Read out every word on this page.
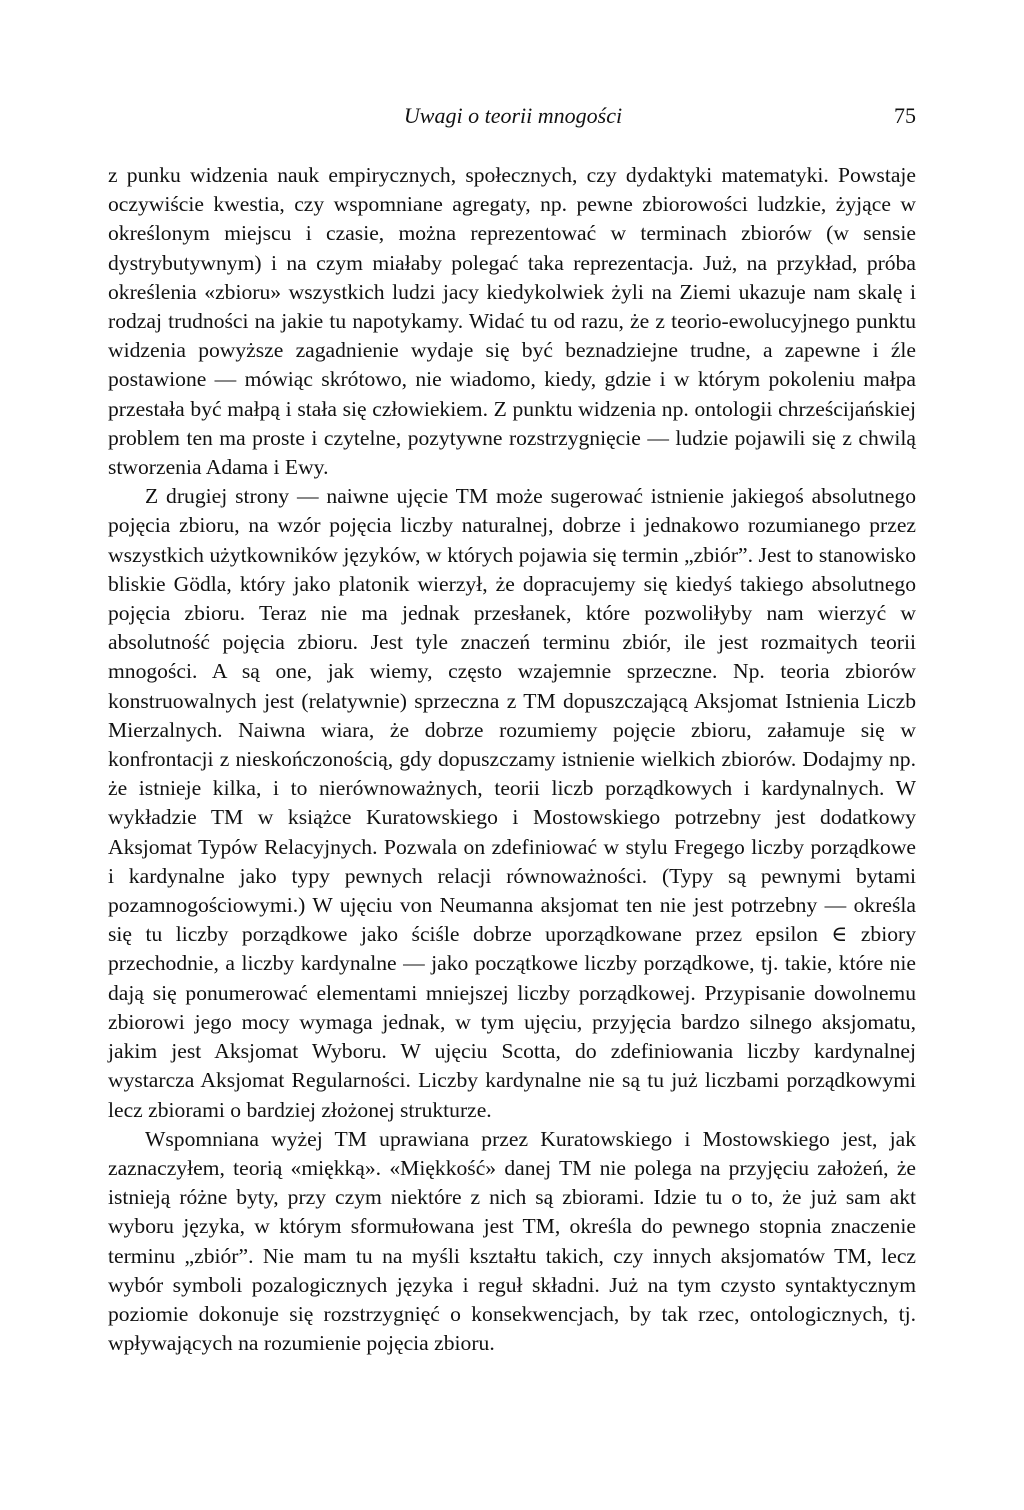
Uwagi o teorii mnogości	75

z punku widzenia nauk empirycznych, społecznych, czy dydaktyki matematyki. Powstaje oczywiście kwestia, czy wspomniane agregaty, np. pewne zbiorowości ludzkie, żyjące w określonym miejscu i czasie, można reprezentować w terminach zbiorów (w sensie dystrybutywnym) i na czym miałaby polegać taka reprezentacja. Już, na przykład, próba określenia «zbioru» wszystkich ludzi jacy kiedykolwiek żyli na Ziemi ukazuje nam skalę i rodzaj trudności na jakie tu napotykamy. Widać tu od razu, że z teorio-ewolucyjnego punktu widzenia powyższe zagadnienie wydaje się być beznadziejne trudne, a zapewne i źle postawione — mówiąc skrótowo, nie wiadomo, kiedy, gdzie i w którym pokoleniu małpa przestała być małpą i stała się człowiekiem. Z punktu widzenia np. ontologii chrześcijańskiej problem ten ma proste i czytelne, pozytywne rozstrzygnięcie — ludzie pojawili się z chwilą stworzenia Adama i Ewy.

Z drugiej strony — naiwne ujęcie TM może sugerować istnienie jakiegoś absolutnego pojęcia zbioru, na wzór pojęcia liczby naturalnej, dobrze i jednakowo rozumianego przez wszystkich użytkowników języków, w których pojawia się termin „zbiór”. Jest to stanowisko bliskie Gödla, który jako platonik wierzył, że dopracujemy się kiedyś takiego absolutnego pojęcia zbioru. Teraz nie ma jednak przesłanek, które pozwoliłyby nam wierzyć w absolutność pojęcia zbioru. Jest tyle znaczeń terminu zbiór, ile jest rozmaitych teorii mnogości. A są one, jak wiemy, często wzajemnie sprzeczne. Np. teoria zbiorów konstruowalnych jest (relatywnie) sprzeczna z TM dopuszczającą Aksjomat Istnienia Liczb Mierzalnych. Naiwna wiara, że dobrze rozumiemy pojęcie zbioru, załamuje się w konfrontacji z nieskończonością, gdy dopuszczamy istnienie wielkich zbiorów. Dodajmy np. że istnieje kilka, i to nierównoważnych, teorii liczb porządkowych i kardynalnych. W wykładzie TM w książce Kuratowskiego i Mostowskiego potrzebny jest dodatkowy Aksjomat Typów Relacyjnych. Pozwala on zdefiniować w stylu Fregego liczby porządkowe i kardynalne jako typy pewnych relacji równoważności. (Typy są pewnymi bytami pozamnogościowymi.) W ujęciu von Neumanna aksjomat ten nie jest potrzebny — określa się tu liczby porządkowe jako ściśle dobrze uporządkowane przez epsilon ∈ zbiory przechodnie, a liczby kardynalne — jako początkowe liczby porządkowe, tj. takie, które nie dają się ponumerować elementami mniejszej liczby porządkowej. Przypisanie dowolnemu zbiorowi jego mocy wymaga jednak, w tym ujęciu, przyjęcia bardzo silnego aksjomatu, jakim jest Aksjomat Wyboru. W ujęciu Scotta, do zdefiniowania liczby kardynalnej wystarcza Aksjomat Regularności. Liczby kardynalne nie są tu już liczbami porządkowymi lecz zbiorami o bardziej złożonej strukturze.

Wspomniana wyżej TM uprawiana przez Kuratowskiego i Mostowskiego jest, jak zaznaczyłem, teorią «miękką». «Miękkość» danej TM nie polega na przyjęciu założeń, że istnieją różne byty, przy czym niektóre z nich są zbiorami. Idzie tu o to, że już sam akt wyboru języka, w którym sformułowana jest TM, określa do pewnego stopnia znaczenie terminu „zbiór”. Nie mam tu na myśli kształtu takich, czy innych aksjomatów TM, lecz wybór symboli pozalogicznych języka i reguł składni. Już na tym czysto syntaktycznym poziomie dokonuje się rozstrzygnięć o konsekwencjach, by tak rzec, ontologicznych, tj. wpływających na rozumienie pojęcia zbioru.
